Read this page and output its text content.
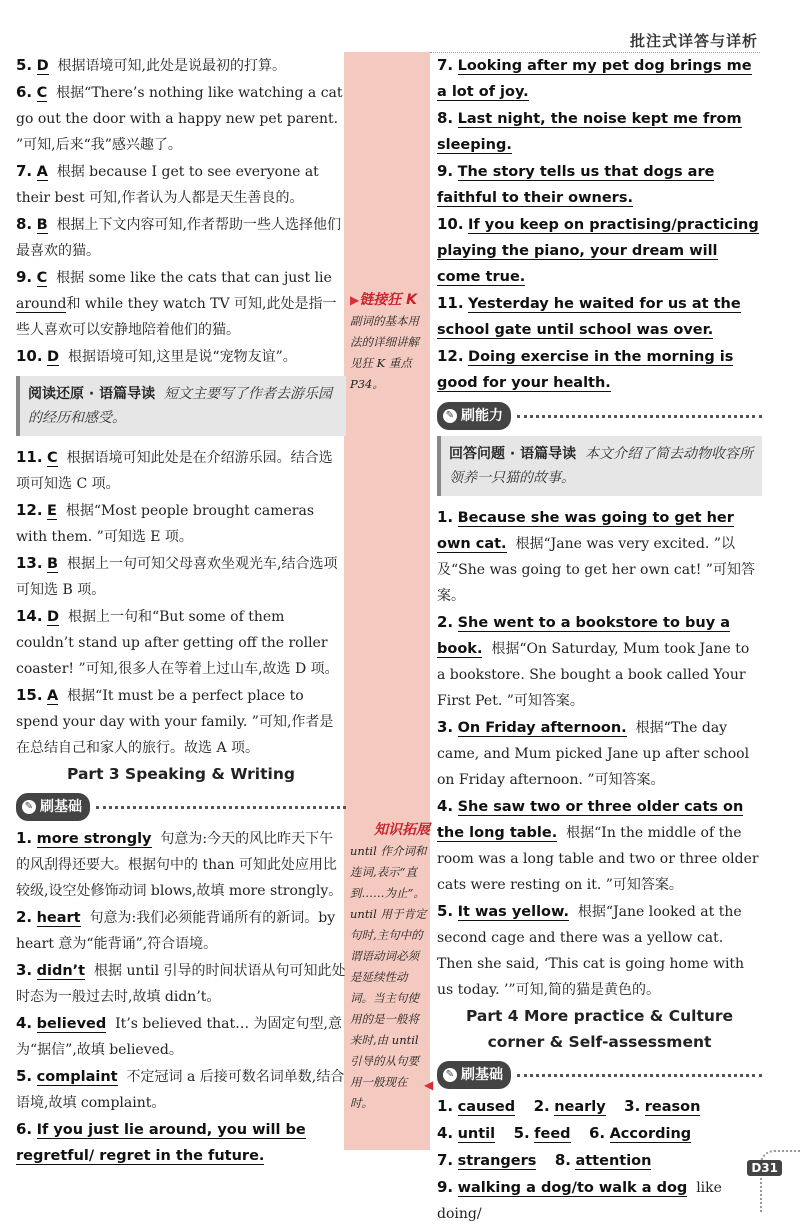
批注式详答与详析
▶链接狂 K
副词的基本用法的详细讲解见狂 K 重点 P34。
知识拓展
until 作介词和连词,表示“直到……为止”。until 用于肯定句时,主句中的谓语动词必须是延续性动词。当主句使用的是一般将来时,由 until 引导的从句要用一般现在时。
◀
5. D 根据语境可知,此处是说最初的打算。
6. C 根据“There’s nothing like watching a cat go out the door with a happy new pet parent. ”可知,后来“我”感兴趣了。
7. A 根据 because I get to see everyone at their best 可知,作者认为人都是天生善良的。
8. B 根据上下文内容可知,作者帮助一些人选择他们最喜欢的猫。
9. C 根据 some like the cats that can just lie around和 while they watch TV 可知,此处是指一些人喜欢可以安静地陪着他们的猫。
10. D 根据语境可知,这里是说“宠物友谊”。
阅读还原 · 语篇导读 短文主要写了作者去游乐园的经历和感受。
11. C 根据语境可知此处是在介绍游乐园。结合选项可知选 C 项。
12. E 根据“Most people brought cameras with them. ”可知选 E 项。
13. B 根据上一句可知父母喜欢坐观光车,结合选项可知选 B 项。
14. D 根据上一句和“But some of them couldn’t stand up after getting off the roller coaster! ”可知,很多人在等着上过山车,故选 D 项。
15. A 根据“It must be a perfect place to spend your day with your family. ”可知,作者是在总结自己和家人的旅行。故选 A 项。
Part 3 Speaking & Writing
✎ 刷基础
1. more strongly 句意为:今天的风比昨天下午的风刮得还要大。根据句中的 than 可知此处应用比较级,设空处修饰动词 blows,故填 more strongly。
2. heart 句意为:我们必须能背诵所有的新词。by heart 意为“能背诵”,符合语境。
3. didn’t 根据 until 引导的时间状语从句可知此处时态为一般过去时,故填 didn’t。
4. believed It’s believed that… 为固定句型,意为“据信”,故填 believed。
5. complaint 不定冠词 a 后接可数名词单数,结合语境,故填 complaint。
6. If you just lie around, you will be regretful/ regret in the future.
7. Looking after my pet dog brings me a lot of joy.
8. Last night, the noise kept me from sleeping.
9. The story tells us that dogs are faithful to their owners.
10. If you keep on practising/practicing playing the piano, your dream will come true.
11. Yesterday he waited for us at the school gate until school was over.
12. Doing exercise in the morning is good for your health.
✎ 刷能力
回答问题 · 语篇导读 本文介绍了简去动物收容所领养一只猫的故事。
1. Because she was going to get her own cat. 根据“Jane was very excited. ”以及“She was going to get her own cat! ”可知答案。
2. She went to a bookstore to buy a book. 根据“On Saturday, Mum took Jane to a bookstore. She bought a book called Your First Pet. ”可知答案。
3. On Friday afternoon. 根据“The day came, and Mum picked Jane up after school on Friday afternoon. ”可知答案。
4. She saw two or three older cats on the long table. 根据“In the middle of the room was a long table and two or three older cats were resting on it. ”可知答案。
5. It was yellow. 根据“Jane looked at the second cage and there was a yellow cat. Then she said, ‘This cat is going home with us today. ’”可知,简的猫是黄色的。
Part 4 More practice & Culture
corner & Self-assessment
✎ 刷基础
1. caused 2. nearly 3. reason
4. until 5. feed 6. According
7. strangers 8. attention
9. walking a dog/to walk a dog like doing/
D31
